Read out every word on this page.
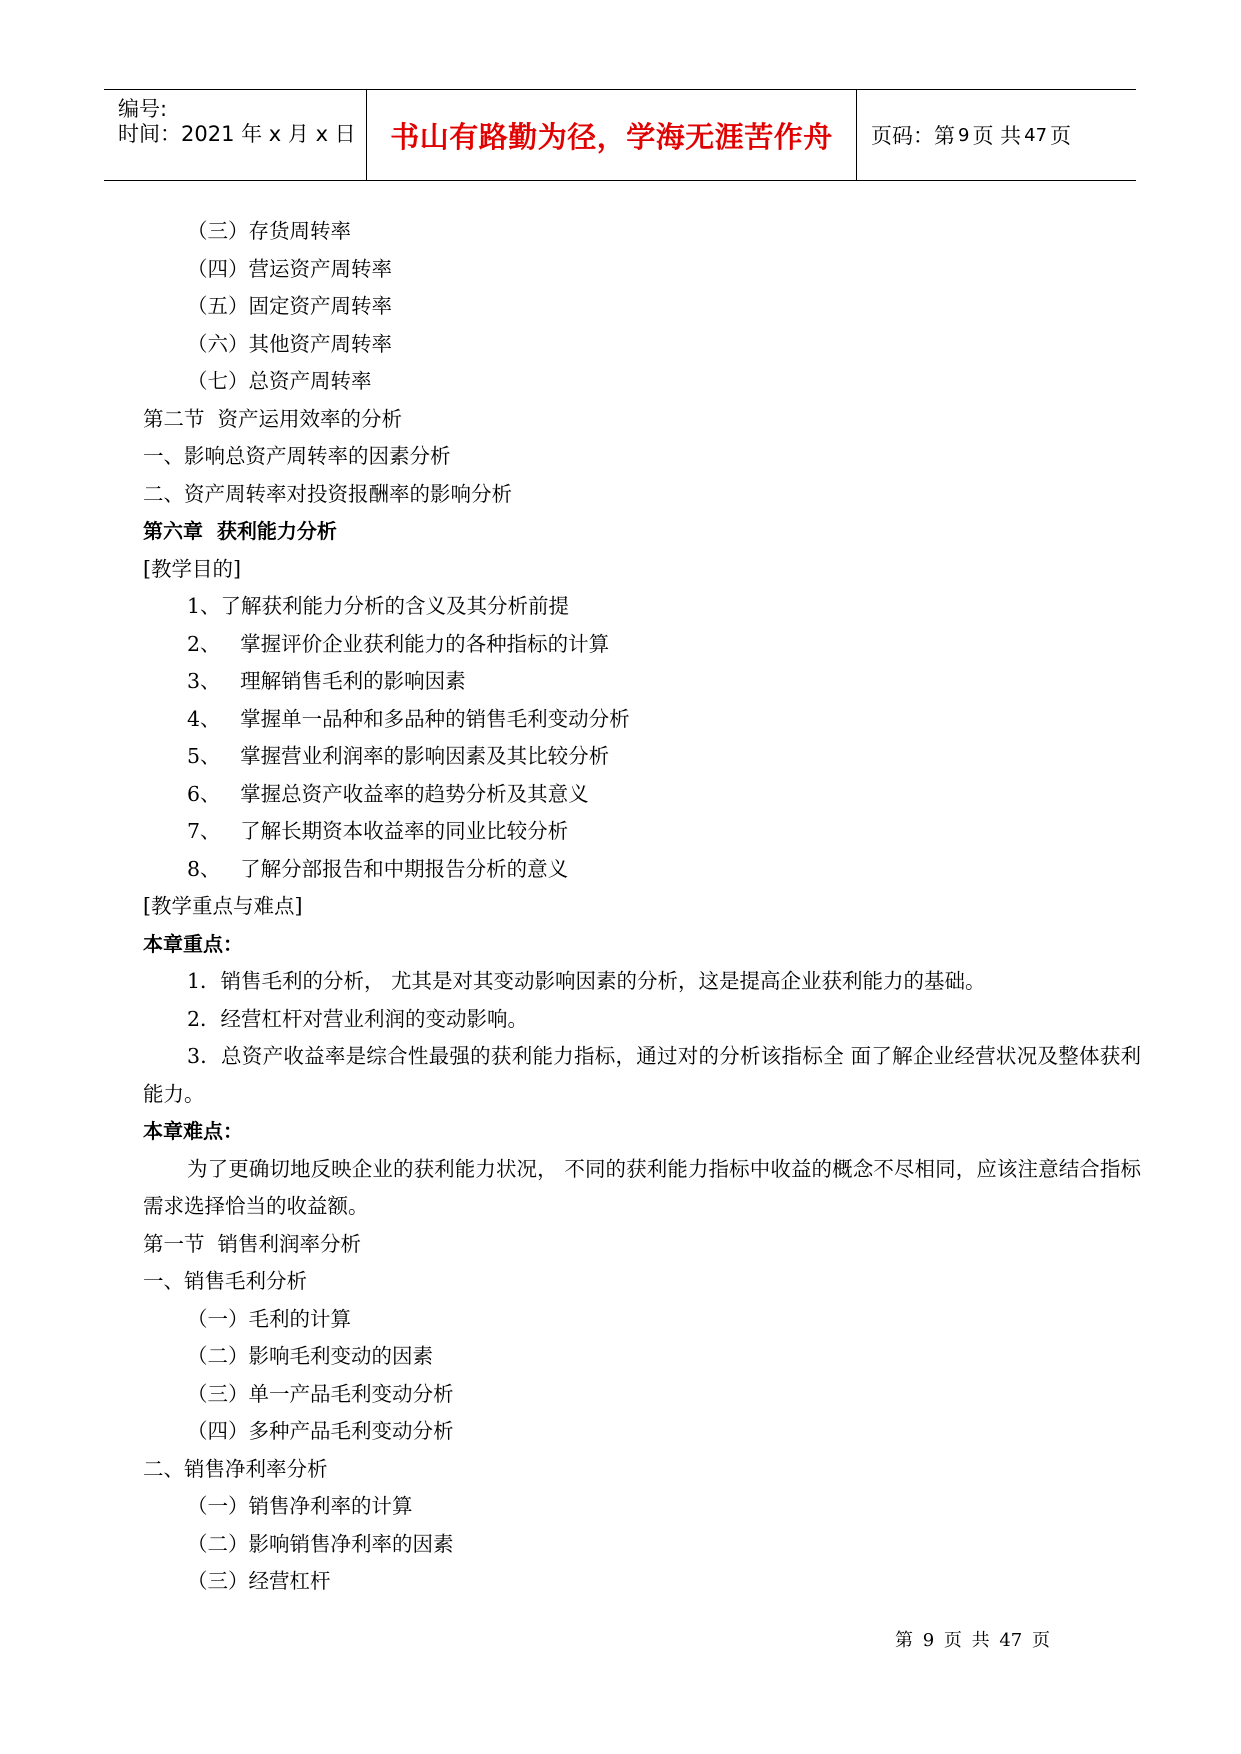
编号:
时间：2021 年 x 月 x 日 书山有路勤为径，学海无涯苦作舟 页码：第 9 页 共 47 页
（三）存货周转率
（四）营运资产周转率
（五）固定资产周转率
（六）其他资产周转率
（七）总资产周转率
第二节  资产运用效率的分析
一、影响总资产周转率的因素分析
二、资产周转率对投资报酬率的影响分析
第六章  获利能力分析
[教学目的]
1、了解获利能力分析的含义及其分析前提
2、   掌握评价企业获利能力的各种指标的计算
3、   理解销售毛利的影响因素
4、   掌握单一品种和多品种的销售毛利变动分析
5、   掌握营业利润率的影响因素及其比较分析
6、   掌握总资产收益率的趋势分析及其意义
7、   了解长期资本收益率的同业比较分析
8、   了解分部报告和中期报告分析的意义
[教学重点与难点]
本章重点：
1．销售毛利的分析， 尤其是对其变动影响因素的分析，这是提高企业获利能力的基础。
2．经营杠杆对营业利润的变动影响。
3．总资产收益率是综合性最强的获利能力指标，通过对的分析该指标全 面了解企业经营状况及整体获利能力。
本章难点：
为了更确切地反映企业的获利能力状况， 不同的获利能力指标中收益的概念不尽相同，应该注意结合指标需求选择恰当的收益额。
第一节  销售利润率分析
一、销售毛利分析
（一）毛利的计算
（二）影响毛利变动的因素
（三）单一产品毛利变动分析
（四）多种产品毛利变动分析
二、销售净利率分析
（一）销售净利率的计算
（二）影响销售净利率的因素
（三）经营杠杆
第 9 页 共 47 页
